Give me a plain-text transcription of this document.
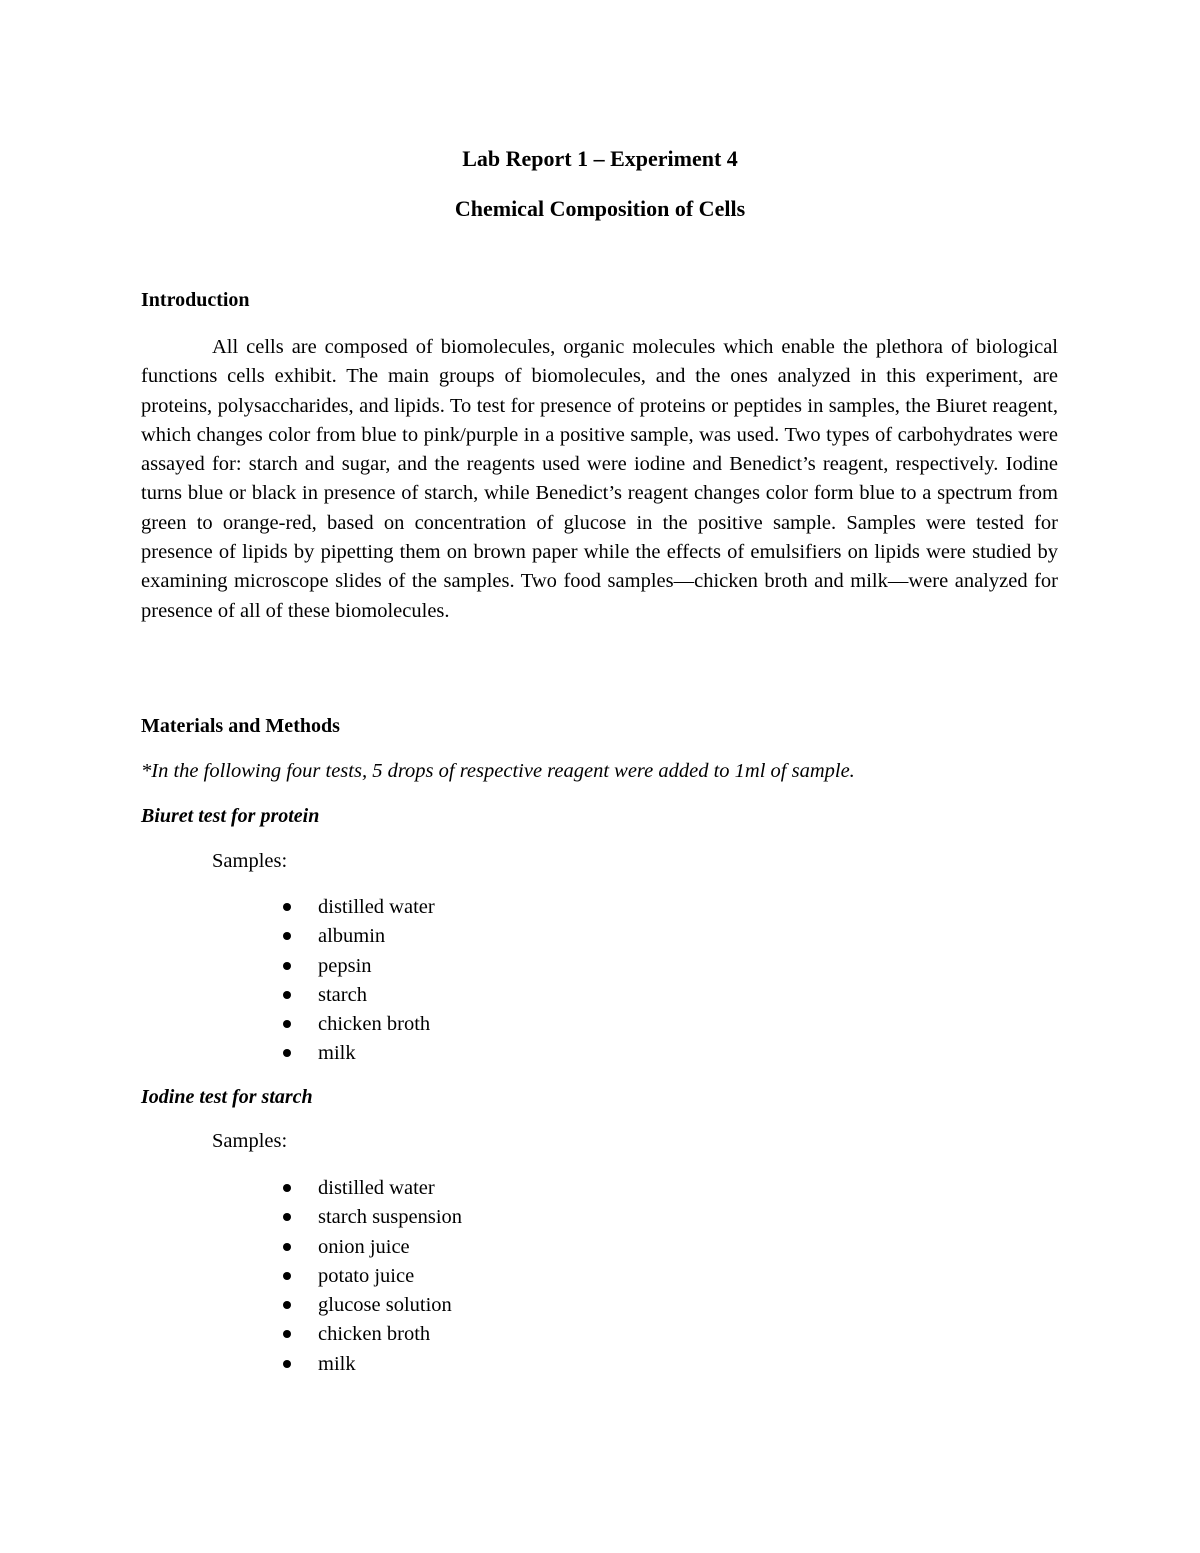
Lab Report 1 – Experiment 4
Chemical Composition of Cells
Introduction

All cells are composed of biomolecules, organic molecules which enable the plethora of biological functions cells exhibit. The main groups of biomolecules, and the ones analyzed in this experiment, are proteins, polysaccharides, and lipids. To test for presence of proteins or peptides in samples, the Biuret reagent, which changes color from blue to pink/purple in a positive sample, was used. Two types of carbohydrates were assayed for: starch and sugar, and the reagents used were iodine and Benedict’s reagent, respectively. Iodine turns blue or black in presence of starch, while Benedict’s reagent changes color form blue to a spectrum from green to orange-red, based on concentration of glucose in the positive sample. Samples were tested for presence of lipids by pipetting them on brown paper while the effects of emulsifiers on lipids were studied by examining microscope slides of the samples. Two food samples—chicken broth and milk—were analyzed for presence of all of these biomolecules.

Materials and Methods
*In the following four tests, 5 drops of respective reagent were added to 1ml of sample.
Biuret test for protein
Samples:
distilled water
albumin
pepsin
starch
chicken broth
milk
Iodine test for starch
Samples:
distilled water
starch suspension
onion juice
potato juice
glucose solution
chicken broth
milk
